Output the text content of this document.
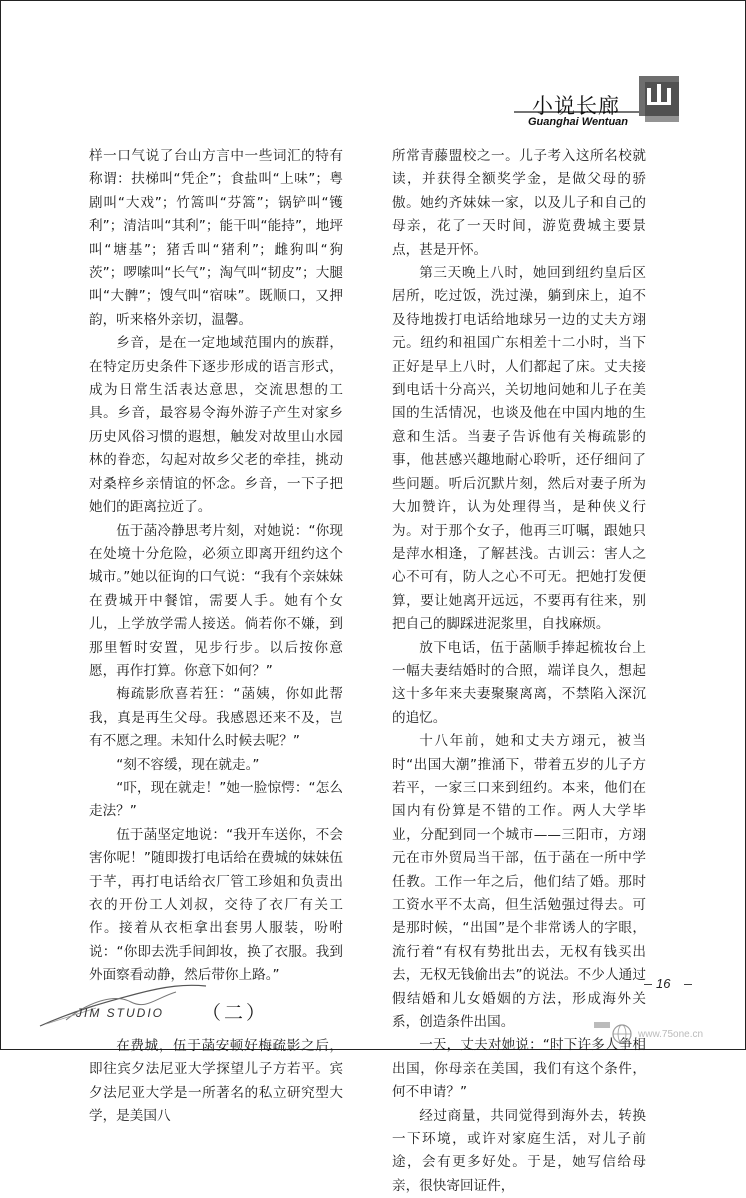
小说长廊
Guanghai Wentuan

样一口气说了台山方言中一些词汇的特有称谓：扶梯叫“凭企”；食盐叫“上味”；粤剧叫“大戏”；竹篙叫“芬篙”；锅铲叫“镬利”；清洁叫“其利”；能干叫“能持”，地坪叫“塘基”；猪舌叫“猪利”；雌狗叫“狗茨”；啰嗦叫“长气”；淘气叫“韧皮”；大腿叫“大髀”；馊气叫“宿味”。既顺口，又押韵，听来格外亲切，温馨。

乡音，是在一定地域范围内的族群，在特定历史条件下逐步形成的语言形式，成为日常生活表达意思，交流思想的工具。乡音，最容易令海外游子产生对家乡历史风俗习惯的遐想，触发对故里山水园林的眷恋，勾起对故乡父老的牵挂，挑动对桑梓乡亲情谊的怀念。乡音，一下子把她们的距离拉近了。

伍于菡冷静思考片刻，对她说：“你现在处境十分危险，必须立即离开纽约这个城市。”她以征询的口气说：“我有个亲妹妹在费城开中餐馆，需要人手。她有个女儿，上学放学需人接送。倘若你不嫌，到那里暂时安置，见步行步。以后按你意愿，再作打算。你意下如何？”

梅疏影欣喜若狂：“菡姨，你如此帮我，真是再生父母。我感恩还来不及，岂有不愿之理。未知什么时候去呢？”

“刻不容缓，现在就走。”

“吓，现在就走！”她一脸惊愕：“怎么走法？”

伍于菡坚定地说：“我开车送你，不会害你呢！”随即拨打电话给在费城的妹妹伍于芊，再打电话给衣厂管工珍姐和负责出衣的开份工人刘叔，交待了衣厂有关工作。接着从衣柜拿出套男人服装，吩咐说：“你即去洗手间卸妆，换了衣服。我到外面察看动静，然后带你上路。”

（二）

在费城，伍于菡安顿好梅疏影之后，即往宾夕法尼亚大学探望儿子方若平。宾夕法尼亚大学是一所著名的私立研究型大学，是美国八

所常青藤盟校之一。儿子考入这所名校就读，并获得全额奖学金，是做父母的骄傲。她约齐妹妹一家，以及儿子和自己的母亲，花了一天时间，游览费城主要景点，甚是开怀。

第三天晚上八时，她回到纽约皇后区居所，吃过饭，洗过澡，躺到床上，迫不及待地拨打电话给地球另一边的丈夫方翊元。纽约和祖国广东相差十二小时，当下正好是早上八时，人们都起了床。丈夫接到电话十分高兴，关切地问她和儿子在美国的生活情况，也谈及他在中国内地的生意和生活。当妻子告诉他有关梅疏影的事，他甚感兴趣地耐心聆听，还仔细问了些问题。听后沉默片刻，然后对妻子所为大加赞许，认为处理得当，是种侠义行为。对于那个女子，他再三叮嘱，跟她只是萍水相逢，了解甚浅。古训云：害人之心不可有，防人之心不可无。把她打发便算，要让她离开远远，不要再有往来，别把自己的脚踩进泥浆里，自找麻烦。

放下电话，伍于菡顺手捧起梳妆台上一幅夫妻结婚时的合照，端详良久，想起这十多年来夫妻聚聚离离，不禁陷入深沉的追忆。

十八年前，她和丈夫方翊元，被当时“出国大潮”推涌下，带着五岁的儿子方若平，一家三口来到纽约。本来，他们在国内有份算是不错的工作。两人大学毕业，分配到同一个城市——三阳市，方翊元在市外贸局当干部，伍于菡在一所中学任教。工作一年之后，他们结了婚。那时工资水平不太高，但生活勉强过得去。可是那时候，“出国”是个非常诱人的字眼，流行着“有权有势批出去，无权有钱买出去，无权无钱偷出去”的说法。不少人通过假结婚和儿女婚姻的方法，形成海外关系，创造条件出国。

一天，丈夫对她说：“时下许多人争相出国，你母亲在美国，我们有这个条件，何不申请？”

经过商量，共同觉得到海外去，转换一下环境，或许对家庭生活，对儿子前途，会有更多好处。于是，她写信给母亲，很快寄回证件，

16
JIM STUDIO
www.75one.cn
